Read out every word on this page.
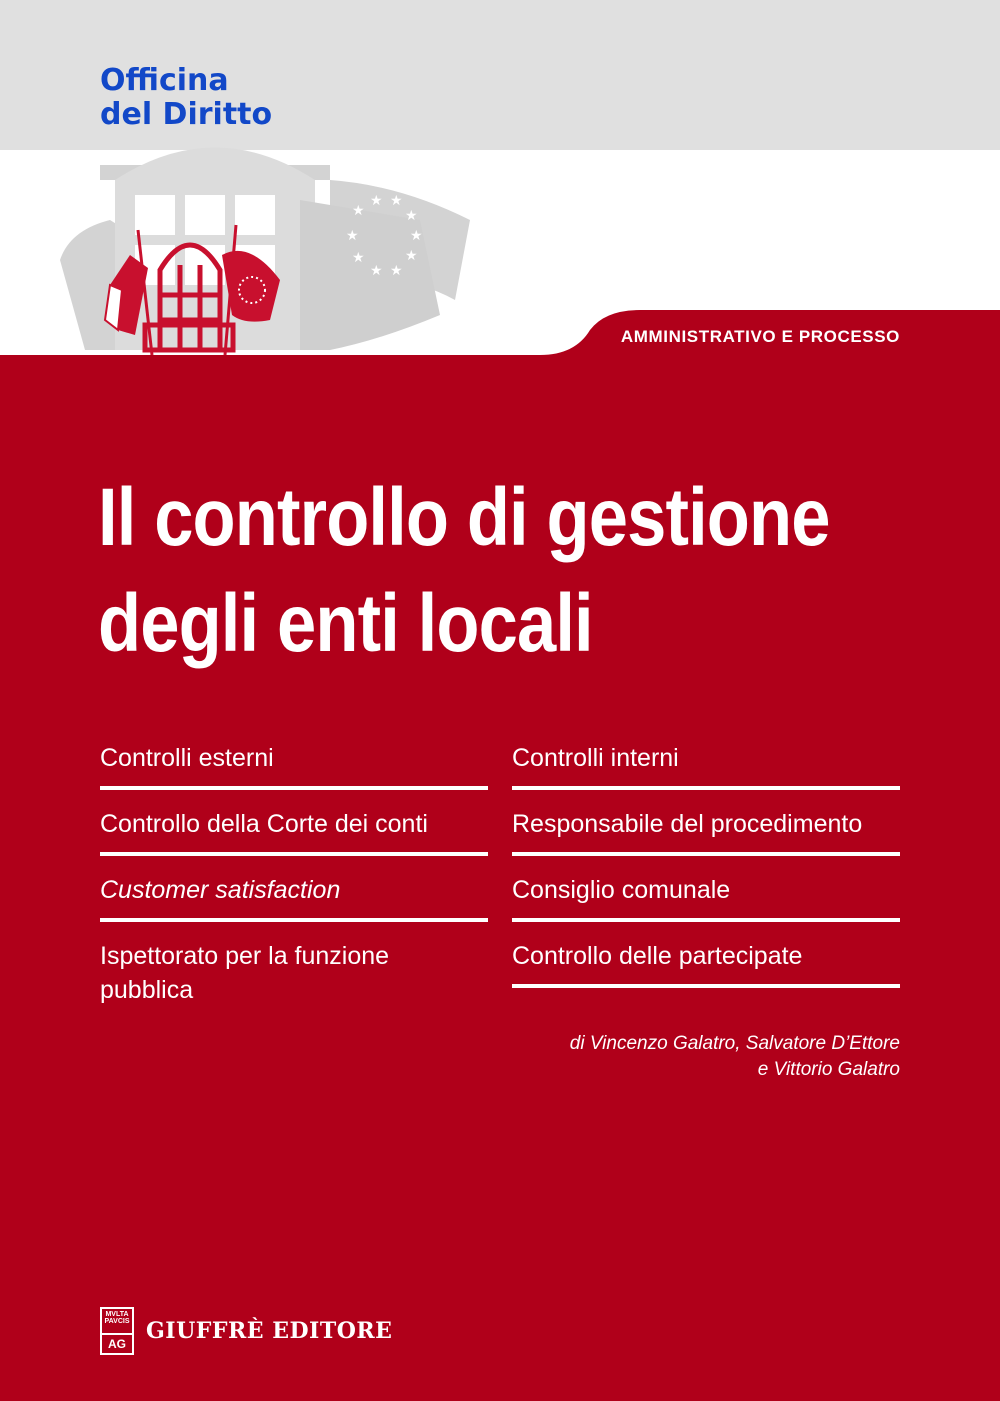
Officina
del Diritto
★
★ ★
★
★
★
★
★
★
★
AMMINISTRATIVO E PROCESSO
Il controllo di gestione
degli enti locali
Controlli esterni
Controllo della Corte dei conti
Customer satisfaction
Ispettorato per la funzione pubblica
Controlli interni
Responsabile del procedimento
Consiglio comunale
Controllo delle partecipate
di Vincenzo Galatro, Salvatore D’Ettore
e Vittorio Galatro
MVLTA PAVCIS
AG GIUFFRÈ EDITORE
